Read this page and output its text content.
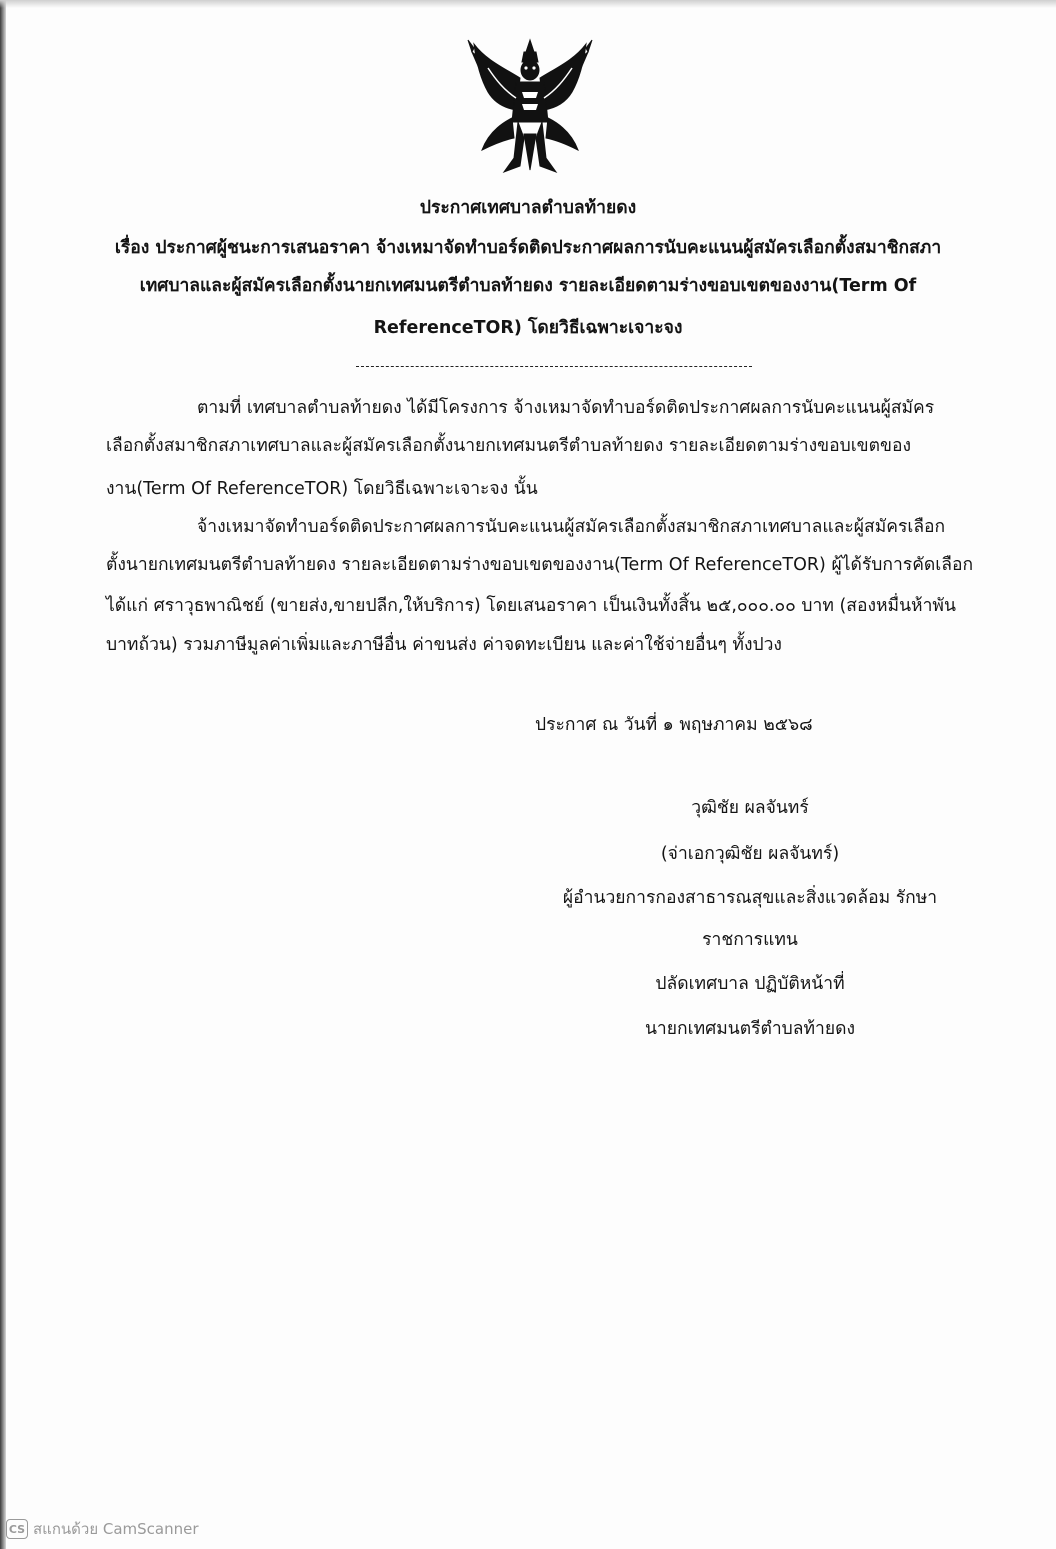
ประกาศเทศบาลตำบลท้ายดง
เรื่อง ประกาศผู้ชนะการเสนอราคา จ้างเหมาจัดทำบอร์ดติดประกาศผลการนับคะแนนผู้สมัครเลือกตั้งสมาชิกสภา
เทศบาลและผู้สมัครเลือกตั้งนายกเทศมนตรีตำบลท้ายดง รายละเอียดตามร่างขอบเขตของงาน(Term Of
ReferenceTOR) โดยวิธีเฉพาะเจาะจง
ตามที่ เทศบาลตำบลท้ายดง ได้มีโครงการ จ้างเหมาจัดทำบอร์ดติดประกาศผลการนับคะแนนผู้สมัคร
เลือกตั้งสมาชิกสภาเทศบาลและผู้สมัครเลือกตั้งนายกเทศมนตรีตำบลท้ายดง รายละเอียดตามร่างขอบเขตของ
งาน(Term Of ReferenceTOR) โดยวิธีเฉพาะเจาะจง นั้น
จ้างเหมาจัดทำบอร์ดติดประกาศผลการนับคะแนนผู้สมัครเลือกตั้งสมาชิกสภาเทศบาลและผู้สมัครเลือก
ตั้งนายกเทศมนตรีตำบลท้ายดง รายละเอียดตามร่างขอบเขตของงาน(Term Of ReferenceTOR) ผู้ได้รับการคัดเลือก
ได้แก่ ศราวุธพาณิชย์ (ขายส่ง,ขายปลีก,ให้บริการ) โดยเสนอราคา เป็นเงินทั้งสิ้น ๒๕,๐๐๐.๐๐ บาท (สองหมื่นห้าพัน
บาทถ้วน) รวมภาษีมูลค่าเพิ่มและภาษีอื่น ค่าขนส่ง ค่าจดทะเบียน และค่าใช้จ่ายอื่นๆ ทั้งปวง
ประกาศ ณ วันที่ ๑ พฤษภาคม ๒๕๖๘
วุฒิชัย ผลจันทร์
(จ่าเอกวุฒิชัย ผลจันทร์)
ผู้อำนวยการกองสาธารณสุขและสิ่งแวดล้อม รักษา
ราชการแทน
ปลัดเทศบาล ปฏิบัติหน้าที่
นายกเทศมนตรีตำบลท้ายดง
CS สแกนด้วย CamScanner
